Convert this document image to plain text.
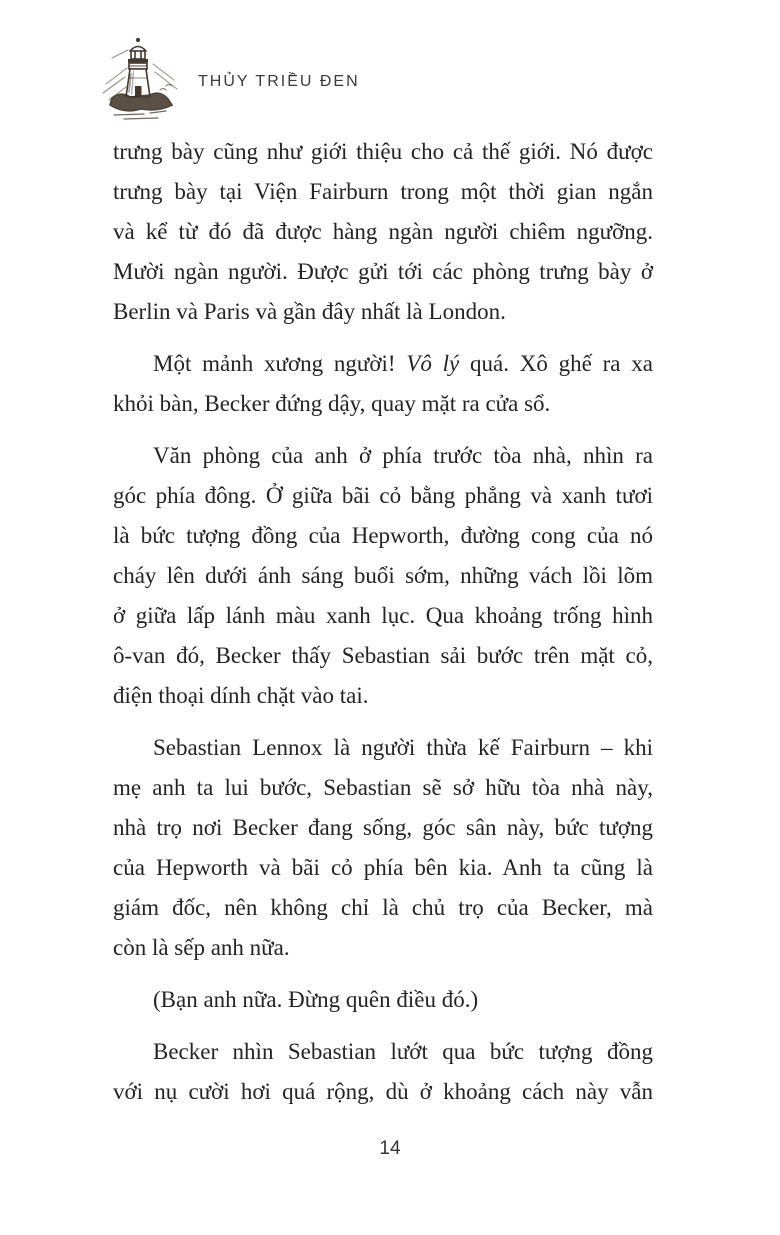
THỦY TRIỀU ĐEN

trưng bày cũng như giới thiệu cho cả thế giới. Nó được
trưng bày tại Viện Fairburn trong một thời gian ngắn
và kể từ đó đã được hàng ngàn người chiêm ngưỡng.
Mười ngàn người. Được gửi tới các phòng trưng bày ở
Berlin và Paris và gần đây nhất là London.

Một mảnh xương người! Vô lý quá. Xô ghế ra xa
khỏi bàn, Becker đứng dậy, quay mặt ra cửa sổ.

Văn phòng của anh ở phía trước tòa nhà, nhìn ra
góc phía đông. Ở giữa bãi cỏ bằng phẳng và xanh tươi
là bức tượng đồng của Hepworth, đường cong của nó
cháy lên dưới ánh sáng buổi sớm, những vách lồi lõm
ở giữa lấp lánh màu xanh lục. Qua khoảng trống hình
ô-van đó, Becker thấy Sebastian sải bước trên mặt cỏ,
điện thoại dính chặt vào tai.

Sebastian Lennox là người thừa kế Fairburn – khi
mẹ anh ta lui bước, Sebastian sẽ sở hữu tòa nhà này,
nhà trọ nơi Becker đang sống, góc sân này, bức tượng
của Hepworth và bãi cỏ phía bên kia. Anh ta cũng là
giám đốc, nên không chỉ là chủ trọ của Becker, mà
còn là sếp anh nữa.

(Bạn anh nữa. Đừng quên điều đó.)

Becker nhìn Sebastian lướt qua bức tượng đồng
với nụ cười hơi quá rộng, dù ở khoảng cách này vẫn

14
